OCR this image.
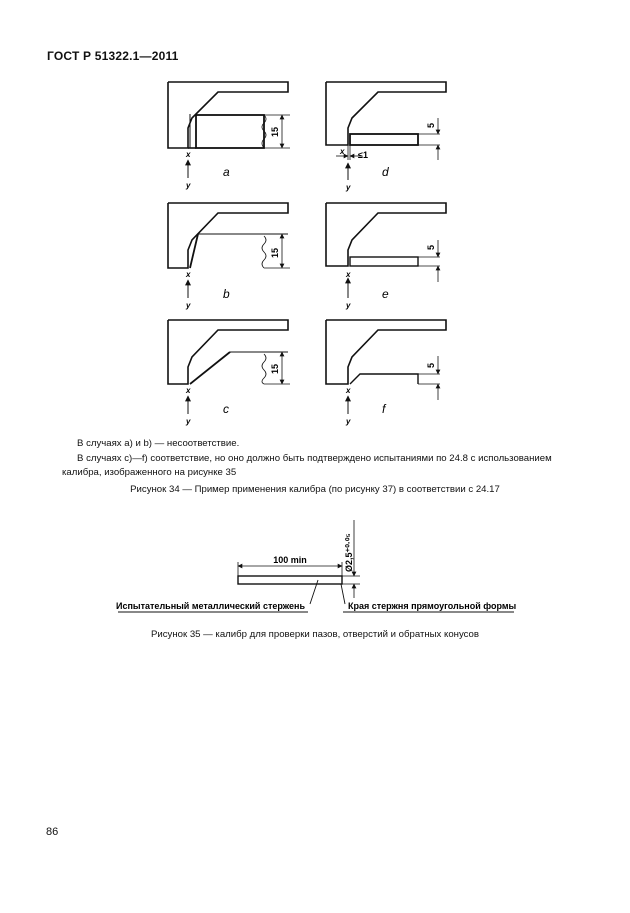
ГОСТ Р 51322.1—2011
a
b
c
d
e
f
x
y
x
y
x
y
x
y
x
y
x
y
≤1
15
15
15
5
5
5
100 min	Ø2,5⁺⁰·⁰⁵
Испытательный металлический стержень	Края стержня прямоугольной формы
В случаях a) и b) — несоответствие.
В случаях c)—f) соответствие, но оно должно быть подтверждено испытаниями по 24.8 с использованием калибра, изображенного на рисунке 35
Рисунок 34 — Пример применения калибра (по рисунку 37) в соответствии с 24.17
Рисунок 35 — калибр для проверки пазов, отверстий и обратных конусов
86
